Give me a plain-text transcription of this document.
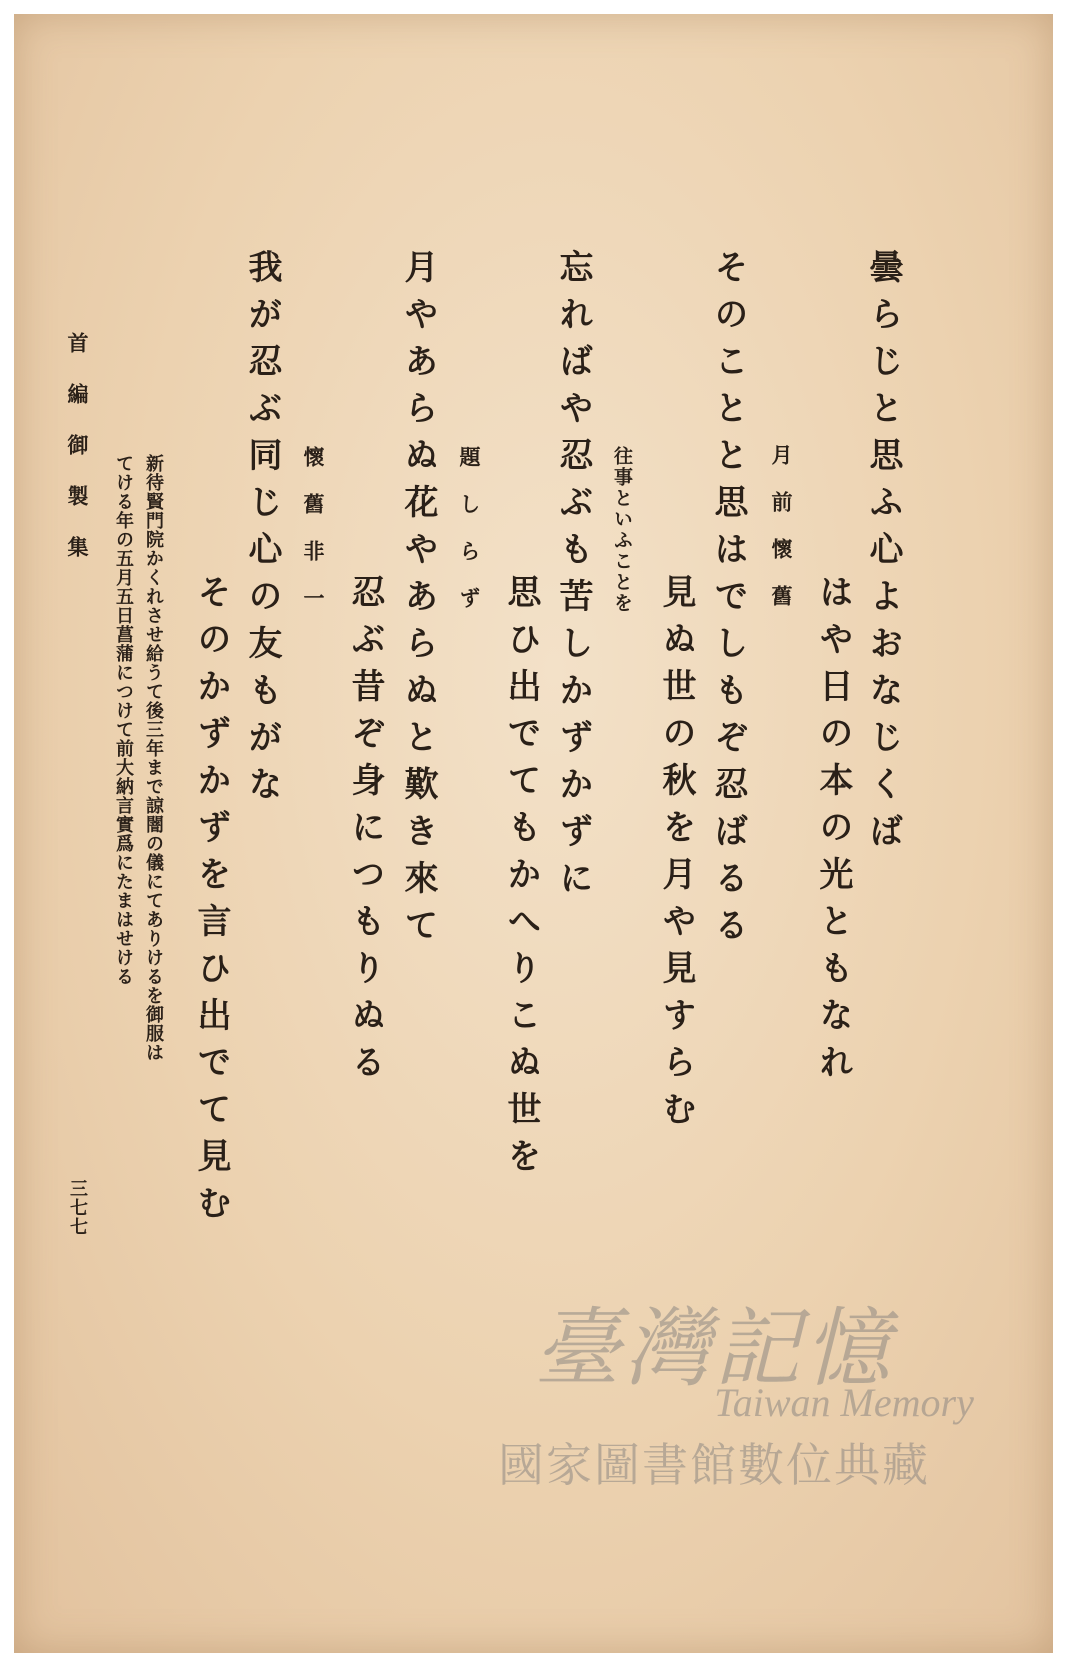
曇らじと思ふ心よおなじくば
はや日の本の光ともなれ
月前懷舊
そのことと思はでしもぞ忍ばるる
見ぬ世の秋を月や見すらむ
往事といふことを
忘ればや忍ぶも苦しかずかずに
思ひ出でてもかへりこぬ世を
題しらず
月やあらぬ花やあらぬと歎き來て
忍ぶ昔ぞ身につもりぬる
懷舊非一
我が忍ぶ同じ心の友もがな
そのかずかずを言ひ出でて見む
新待賢門院かくれさせ給うて後三年まで諒闇の儀にてありけるを御服は
てける年の五月五日菖蒲につけて前大納言實爲にたまはせける
首編御製集
三七七
臺灣記憶
Taiwan Memory
國家圖書館數位典藏
